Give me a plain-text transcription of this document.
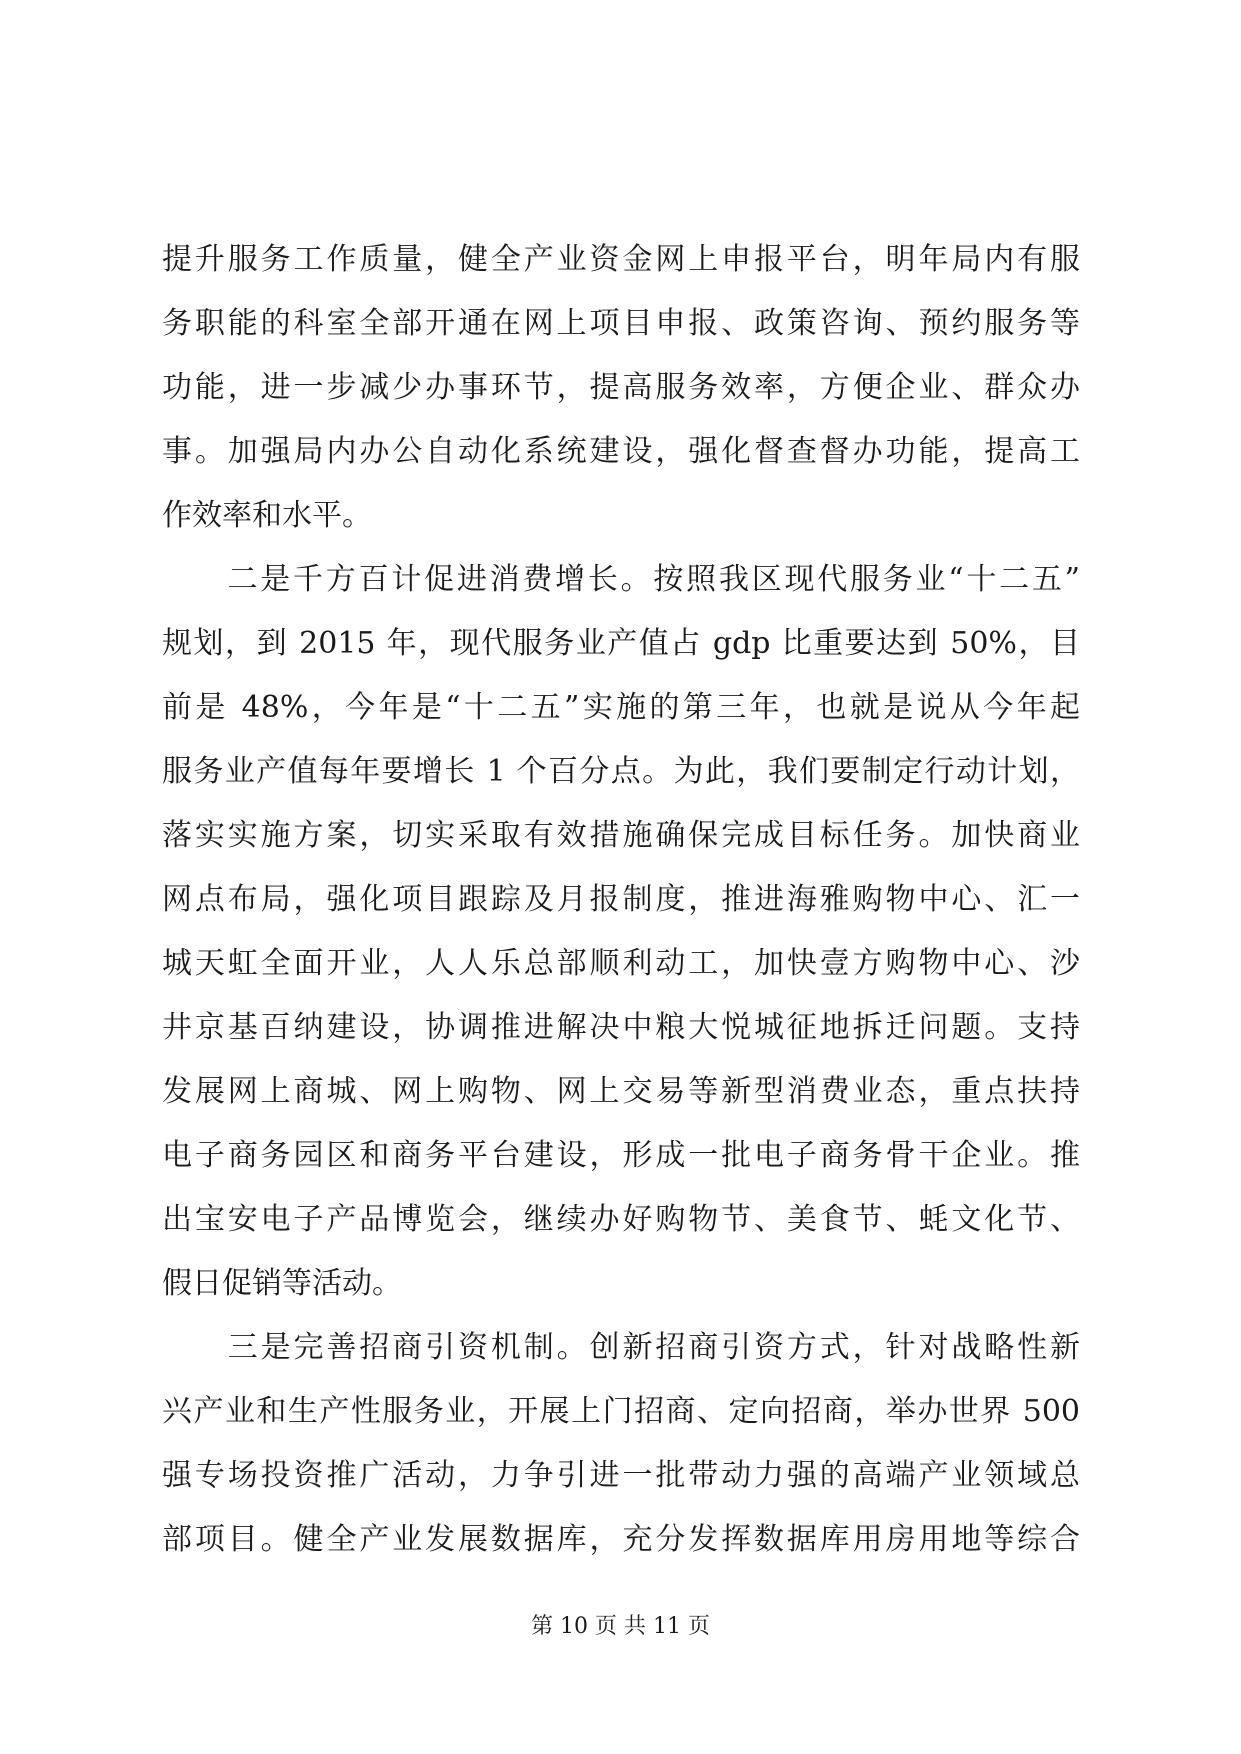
提升服务工作质量，健全产业资金网上申报平台，明年局内有服
务职能的科室全部开通在网上项目申报、政策咨询、预约服务等
功能，进一步减少办事环节，提高服务效率，方便企业、群众办
事。加强局内办公自动化系统建设，强化督查督办功能，提高工
作效率和水平。
　　二是千方百计促进消费增长。按照我区现代服务业“十二五”
规划，到 2015 年，现代服务业产值占 gdp 比重要达到 50%，目
前是 48%，今年是“十二五”实施的第三年，也就是说从今年起
服务业产值每年要增长 1 个百分点。为此，我们要制定行动计划，
落实实施方案，切实采取有效措施确保完成目标任务。加快商业
网点布局，强化项目跟踪及月报制度，推进海雅购物中心、汇一
城天虹全面开业，人人乐总部顺利动工，加快壹方购物中心、沙
井京基百纳建设，协调推进解决中粮大悦城征地拆迁问题。支持
发展网上商城、网上购物、网上交易等新型消费业态，重点扶持
电子商务园区和商务平台建设，形成一批电子商务骨干企业。推
出宝安电子产品博览会，继续办好购物节、美食节、蚝文化节、
假日促销等活动。
　　三是完善招商引资机制。创新招商引资方式，针对战略性新
兴产业和生产性服务业，开展上门招商、定向招商，举办世界 500
强专场投资推广活动，力争引进一批带动力强的高端产业领域总
部项目。健全产业发展数据库，充分发挥数据库用房用地等综合
第 10 页 共 11 页
